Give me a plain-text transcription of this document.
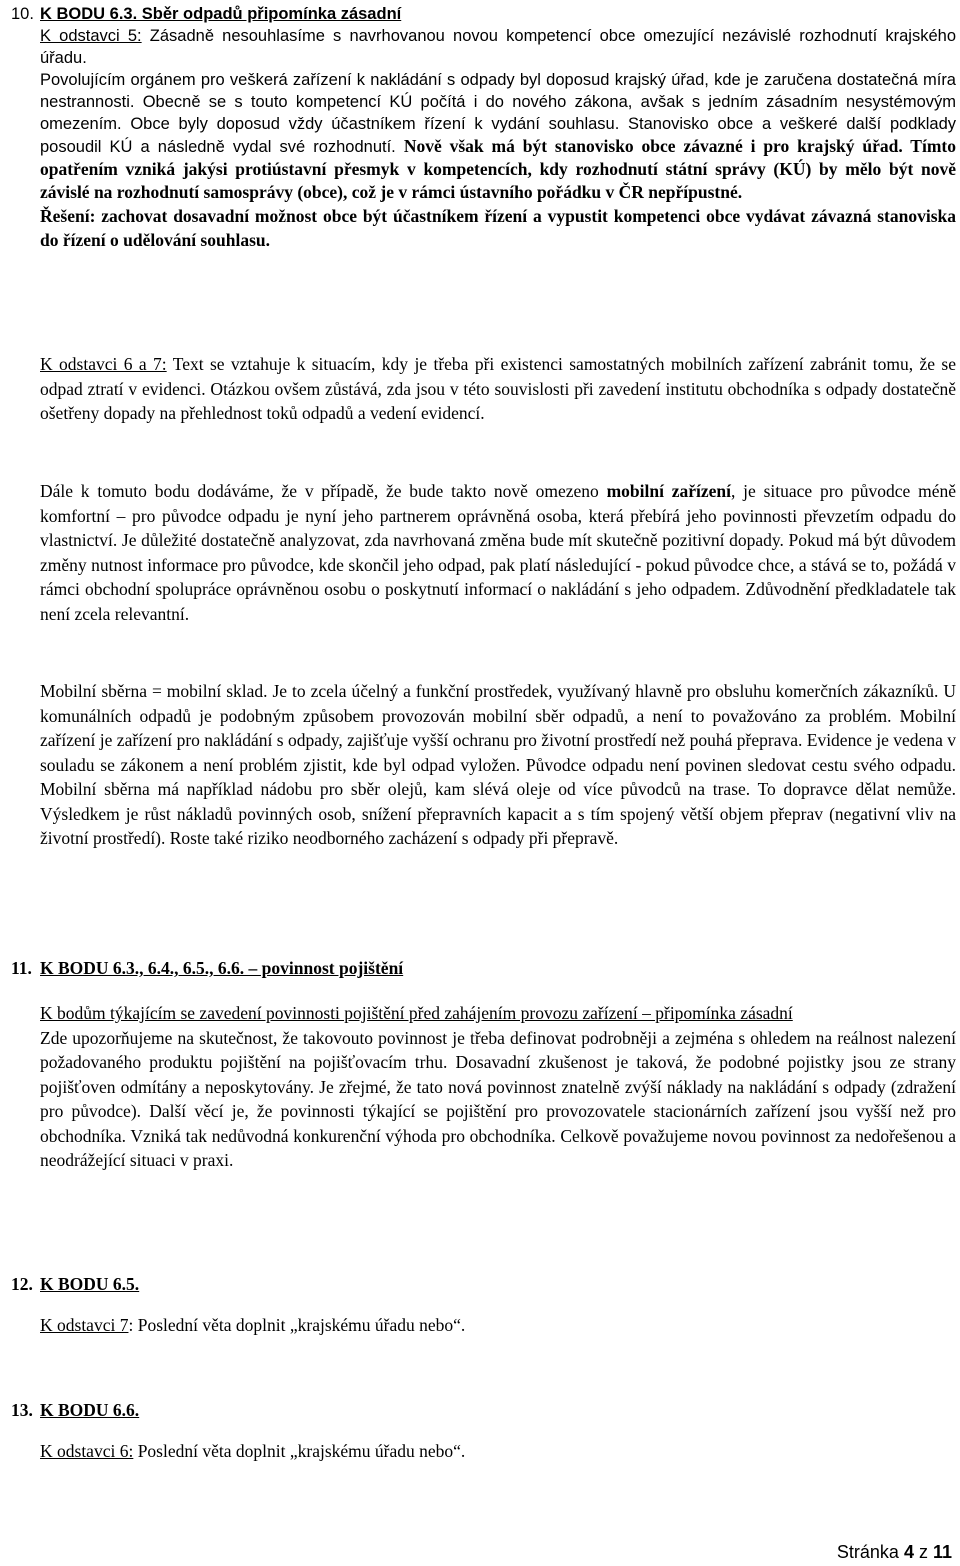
10. K BODU 6.3. Sběr odpadů připomínka zásadní

K odstavci 5: Zásadně nesouhlasíme s navrhovanou novou kompetencí obce omezující nezávislé rozhodnutí krajského úřadu.

Povolujícím orgánem pro veškerá zařízení k nakládání s odpady byl doposud krajský úřad, kde je zaručena dostatečná míra nestrannosti. Obecně se s touto kompetencí KÚ počítá i do nového zákona, avšak s jedním zásadním nesystémovým omezením. Obce byly doposud vždy účastníkem řízení k vydání souhlasu. Stanovisko obce a veškeré další podklady posoudil KÚ a následně vydal své rozhodnutí. Nově však má být stanovisko obce závazné i pro krajský úřad. Tímto opatřením vzniká jakýsi protiústavní přesmyk v kompetencích, kdy rozhodnutí státní správy (KÚ) by mělo být nově závislé na rozhodnutí samosprávy (obce), což je v rámci ústavního pořádku v ČR nepřípustné.

Řešení: zachovat dosavadní možnost obce být účastníkem řízení a vypustit kompetenci obce vydávat závazná stanoviska do řízení o udělování souhlasu.

K odstavci 6 a 7: Text se vztahuje k situacím, kdy je třeba při existenci samostatných mobilních zařízení zabránit tomu, že se odpad ztratí v evidenci. Otázkou ovšem zůstává, zda jsou v této souvislosti při zavedení institutu obchodníka s odpady dostatečně ošetřeny dopady na přehlednost toků odpadů a vedení evidencí.

Dále k tomuto bodu dodáváme, že v případě, že bude takto nově omezeno mobilní zařízení, je situace pro původce méně komfortní – pro původce odpadu je nyní jeho partnerem oprávněná osoba, která přebírá jeho povinnosti převzetím odpadu do vlastnictví. Je důležité dostatečně analyzovat, zda navrhovaná změna bude mít skutečně pozitivní dopady. Pokud má být důvodem změny nutnost informace pro původce, kde skončil jeho odpad, pak platí následující - pokud původce chce, a stává se to, požádá v rámci obchodní spolupráce oprávněnou osobu o poskytnutí informací o nakládání s jeho odpadem. Zdůvodnění předkladatele tak není zcela relevantní.

Mobilní sběrna = mobilní sklad. Je to zcela účelný a funkční prostředek, využívaný hlavně pro obsluhu komerčních zákazníků. U komunálních odpadů je podobným způsobem provozován mobilní sběr odpadů, a není to považováno za problém. Mobilní zařízení je zařízení pro nakládání s odpady, zajišťuje vyšší ochranu pro životní prostředí než pouhá přeprava. Evidence je vedena v souladu se zákonem a není problém zjistit, kde byl odpad vyložen. Původce odpadu není povinen sledovat cestu svého odpadu. Mobilní sběrna má například nádobu pro sběr olejů, kam slévá oleje od více původců na trase. To dopravce dělat nemůže. Výsledkem je růst nákladů povinných osob, snížení přepravních kapacit a s tím spojený větší objem přeprav (negativní vliv na životní prostředí). Roste také riziko neodborného zacházení s odpady při přepravě.

11. K BODU 6.3., 6.4., 6.5., 6.6. – povinnost pojištění

K bodům týkajícím se zavedení povinnosti pojištění před zahájením provozu zařízení – připomínka zásadní

Zde upozorňujeme na skutečnost, že takovouto povinnost je třeba definovat podrobněji a zejména s ohledem na reálnost nalezení požadovaného produktu pojištění na pojišťovacím trhu. Dosavadní zkušenost je taková, že podobné pojistky jsou ze strany pojišťoven odmítány a neposkytovány. Je zřejmé, že tato nová povinnost znatelně zvýší náklady na nakládání s odpady (zdražení pro původce). Další věcí je, že povinnosti týkající se pojištění pro provozovatele stacionárních zařízení jsou vyšší než pro obchodníka. Vzniká tak nedůvodná konkurenční výhoda pro obchodníka. Celkově považujeme novou povinnost za nedořešenou a neodrážející situaci v praxi.

12. K BODU 6.5.

K odstavci 7: Poslední věta doplnit „krajskému úřadu nebo“.

13. K BODU 6.6.

K odstavci 6: Poslední věta doplnit „krajskému úřadu nebo“.

Stránka 4 z 11
